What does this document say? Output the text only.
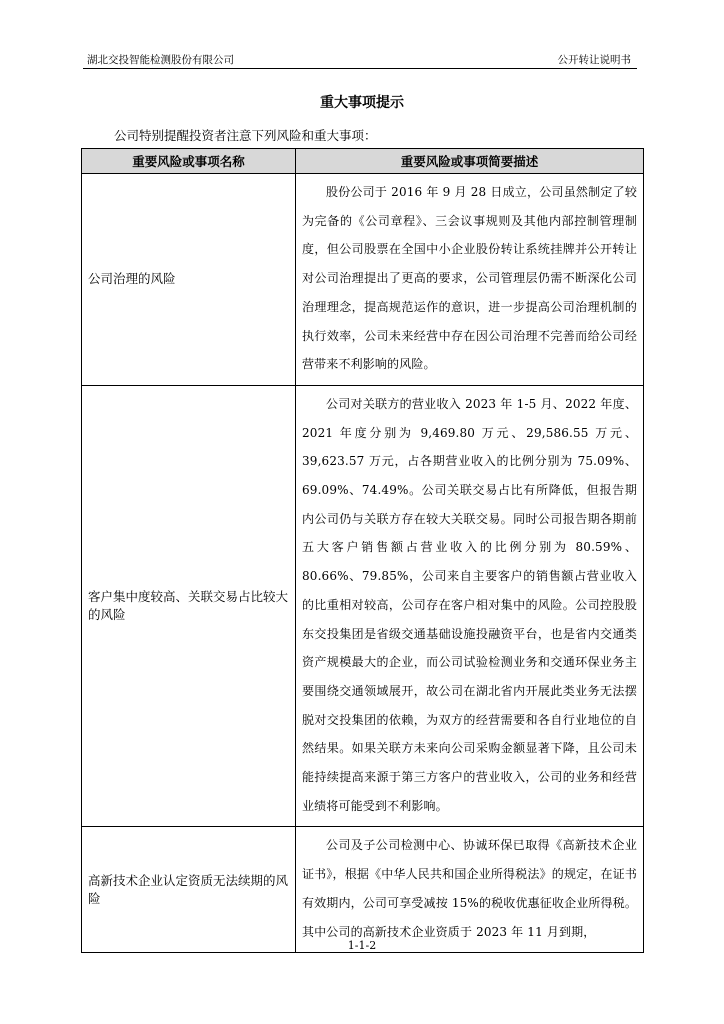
湖北交投智能检测股份有限公司	公开转让说明书
重大事项提示
公司特别提醒投资者注意下列风险和重大事项：
重要风险或事项名称	重要风险或事项简要描述
公司治理的风险	股份公司于 2016 年 9 月 28 日成立，公司虽然制定了较为完备的《公司章程》、三会议事规则及其他内部控制管理制度，但公司股票在全国中小企业股份转让系统挂牌并公开转让对公司治理提出了更高的要求，公司管理层仍需不断深化公司治理理念，提高规范运作的意识，进一步提高公司治理机制的执行效率，公司未来经营中存在因公司治理不完善而给公司经营带来不利影响的风险。

客户集中度较高、关联交易占比较大的风险	公司对关联方的营业收入 2023 年 1-5 月、2022 年度、2021 年度分别为 9,469.80 万元、29,586.55 万元、39,623.57 万元，占各期营业收入的比例分别为 75.09%、69.09%、74.49%。公司关联交易占比有所降低，但报告期内公司仍与关联方存在较大关联交易。同时公司报告期各期前五大客户销售额占营业收入的比例分别为 80.59%、80.66%、79.85%，公司来自主要客户的销售额占营业收入的比重相对较高，公司存在客户相对集中的风险。公司控股股东交投集团是省级交通基础设施投融资平台，也是省内交通类资产规模最大的企业，而公司试验检测业务和交通环保业务主要围绕交通领域展开，故公司在湖北省内开展此类业务无法摆脱对交投集团的依赖，为双方的经营需要和各自行业地位的自然结果。如果关联方未来向公司采购金额显著下降，且公司未能持续提高来源于第三方客户的营业收入，公司的业务和经营业绩将可能受到不利影响。

高新技术企业认定资质无法续期的风险	公司及子公司检测中心、协诚环保已取得《高新技术企业证书》，根据《中华人民共和国企业所得税法》的规定，在证书有效期内，公司可享受减按 15%的税收优惠征收企业所得税。其中公司的高新技术企业资质于 2023 年 11 月到期，

1-1-2
